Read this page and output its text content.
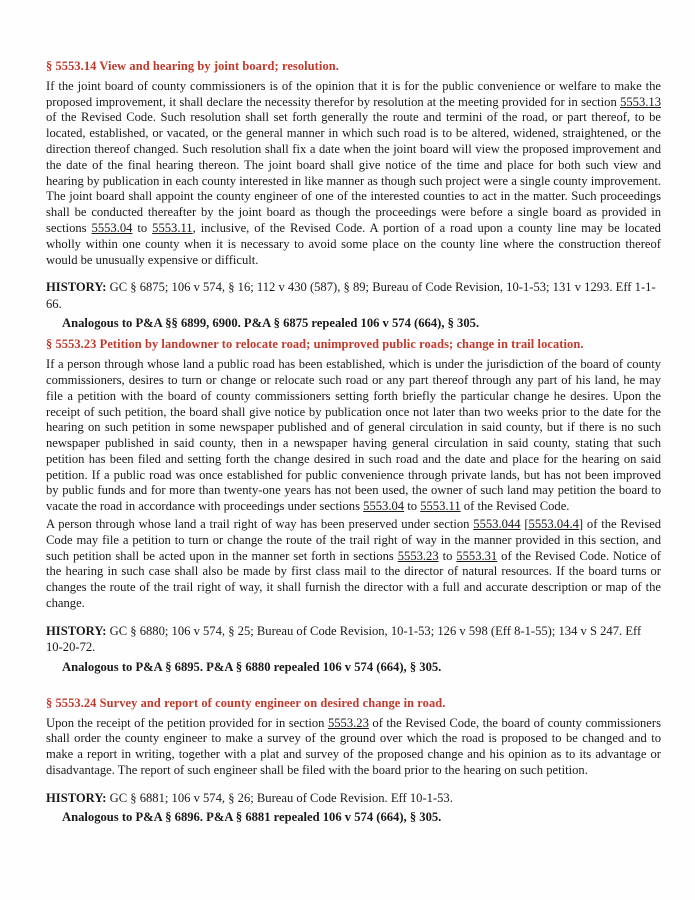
§ 5553.14 View and hearing by joint board; resolution.

If the joint board of county commissioners is of the opinion that it is for the public convenience or welfare to make the proposed improvement, it shall declare the necessity therefor by resolution at the meeting provided for in section 5553.13 of the Revised Code. Such resolution shall set forth generally the route and termini of the road, or part thereof, to be located, established, or vacated, or the general manner in which such road is to be altered, widened, straightened, or the direction thereof changed. Such resolution shall fix a date when the joint board will view the proposed improvement and the date of the final hearing thereon. The joint board shall give notice of the time and place for both such view and hearing by publication in each county interested in like manner as though such project were a single county improvement. The joint board shall appoint the county engineer of one of the interested counties to act in the matter. Such proceedings shall be conducted thereafter by the joint board as though the proceedings were before a single board as provided in sections 5553.04 to 5553.11, inclusive, of the Revised Code. A portion of a road upon a county line may be located wholly within one county when it is necessary to avoid some place on the county line where the construction thereof would be unusually expensive or difficult.

HISTORY: GC § 6875; 106 v 574, § 16; 112 v 430 (587), § 89; Bureau of Code Revision, 10-1-53; 131 v 1293. Eff 1-1-66.
Analogous to P&A §§ 6899, 6900. P&A § 6875 repealed 106 v 574 (664), § 305.
§ 5553.23 Petition by landowner to relocate road; unimproved public roads; change in trail location.

If a person through whose land a public road has been established, which is under the jurisdiction of the board of county commissioners, desires to turn or change or relocate such road or any part thereof through any part of his land, he may file a petition with the board of county commissioners setting forth briefly the particular change he desires. Upon the receipt of such petition, the board shall give notice by publication once not later than two weeks prior to the date for the hearing on such petition in some newspaper published and of general circulation in said county, but if there is no such newspaper published in said county, then in a newspaper having general circulation in said county, stating that such petition has been filed and setting forth the change desired in such road and the date and place for the hearing on said petition. If a public road was once established for public convenience through private lands, but has not been improved by public funds and for more than twenty-one years has not been used, the owner of such land may petition the board to vacate the road in accordance with proceedings under sections 5553.04 to 5553.11 of the Revised Code.

A person through whose land a trail right of way has been preserved under section 5553.044 [5553.04.4] of the Revised Code may file a petition to turn or change the route of the trail right of way in the manner provided in this section, and such petition shall be acted upon in the manner set forth in sections 5553.23 to 5553.31 of the Revised Code. Notice of the hearing in such case shall also be made by first class mail to the director of natural resources. If the board turns or changes the route of the trail right of way, it shall furnish the director with a full and accurate description or map of the change.

HISTORY: GC § 6880; 106 v 574, § 25; Bureau of Code Revision, 10-1-53; 126 v 598 (Eff 8-1-55); 134 v S 247. Eff 10-20-72.
Analogous to P&A § 6895. P&A § 6880 repealed 106 v 574 (664), § 305.
§ 5553.24 Survey and report of county engineer on desired change in road.

Upon the receipt of the petition provided for in section 5553.23 of the Revised Code, the board of county commissioners shall order the county engineer to make a survey of the ground over which the road is proposed to be changed and to make a report in writing, together with a plat and survey of the proposed change and his opinion as to its advantage or disadvantage. The report of such engineer shall be filed with the board prior to the hearing on such petition.

HISTORY: GC § 6881; 106 v 574, § 26; Bureau of Code Revision. Eff 10-1-53.
Analogous to P&A § 6896. P&A § 6881 repealed 106 v 574 (664), § 305.
